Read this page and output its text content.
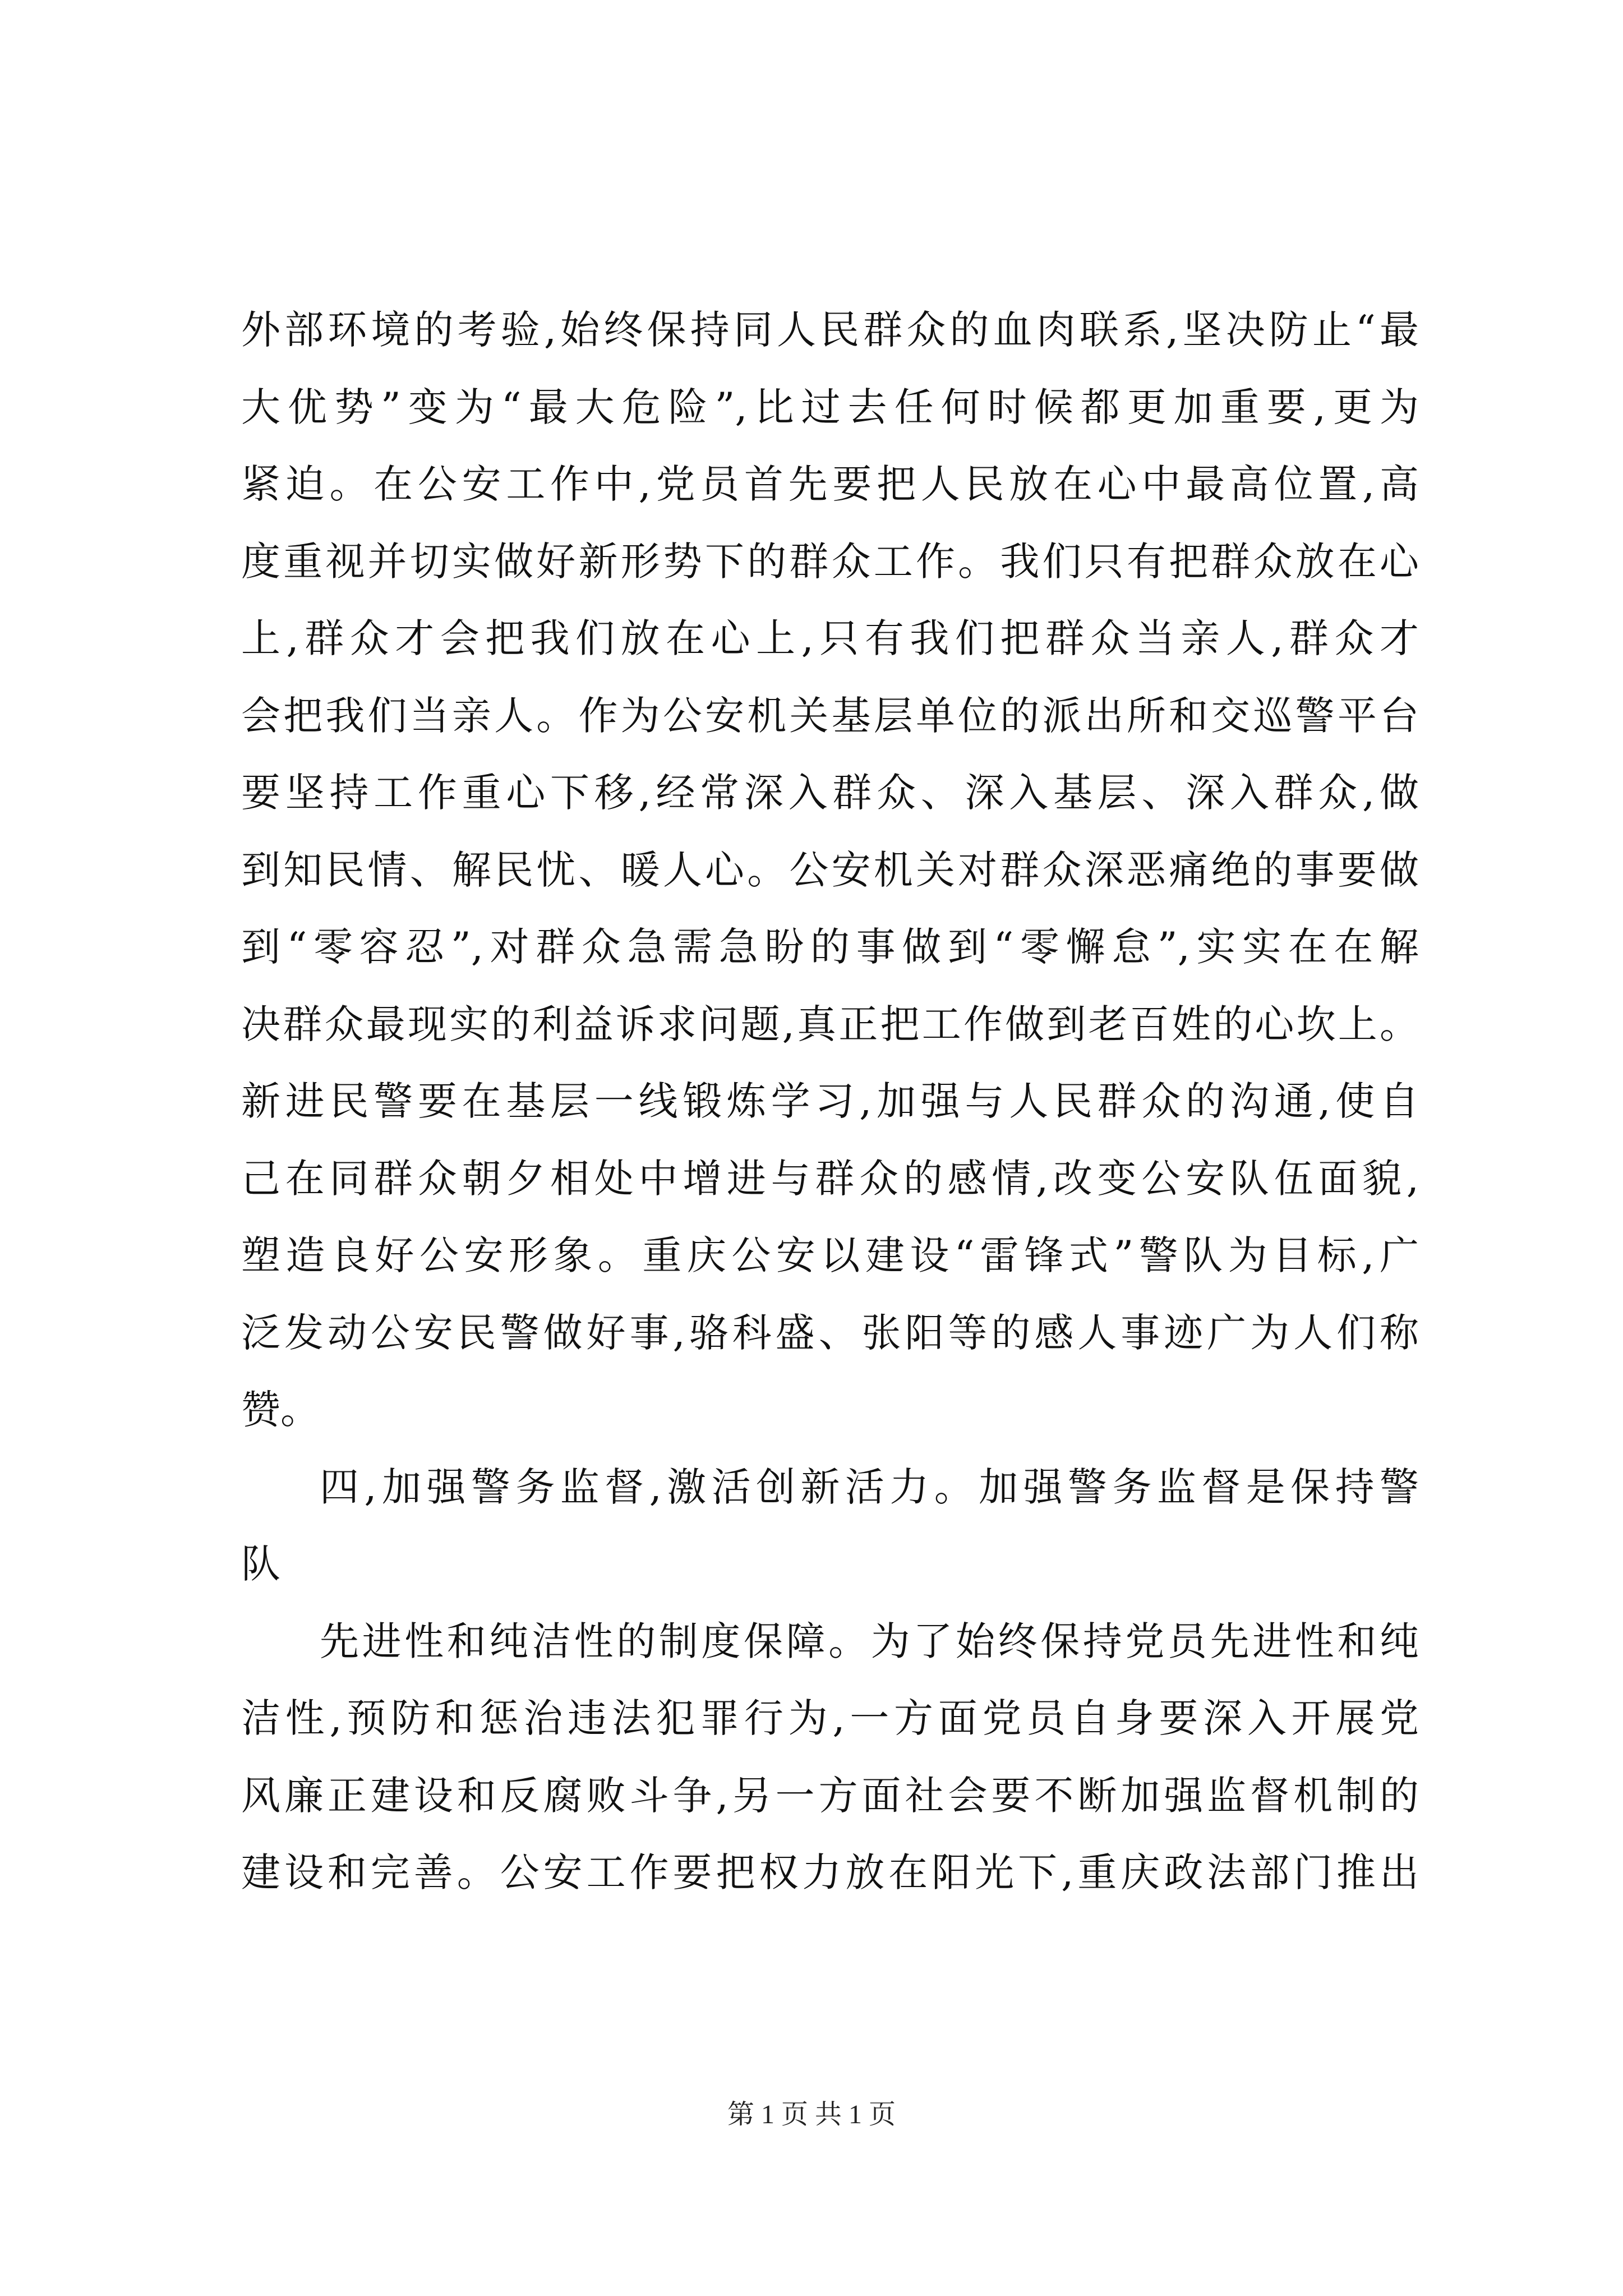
外部环境的考验,始终保持同人民群众的血肉联系,坚决防止“最
大优势”变为“最大危险”,比过去任何时候都更加重要,更为
紧迫。在公安工作中,党员首先要把人民放在心中最高位置,高
度重视并切实做好新形势下的群众工作。我们只有把群众放在心
上,群众才会把我们放在心上,只有我们把群众当亲人,群众才
会把我们当亲人。作为公安机关基层单位的派出所和交巡警平台
要坚持工作重心下移,经常深入群众、深入基层、深入群众,做
到知民情、解民忧、暖人心。公安机关对群众深恶痛绝的事要做
到“零容忍”,对群众急需急盼的事做到“零懈怠”,实实在在解
决群众最现实的利益诉求问题,真正把工作做到老百姓的心坎上。
新进民警要在基层一线锻炼学习,加强与人民群众的沟通,使自
己在同群众朝夕相处中增进与群众的感情,改变公安队伍面貌,
塑造良好公安形象。重庆公安以建设“雷锋式”警队为目标,广
泛发动公安民警做好事,骆科盛、张阳等的感人事迹广为人们称
赞。
四,加强警务监督,激活创新活力。加强警务监督是保持警
队
先进性和纯洁性的制度保障。为了始终保持党员先进性和纯
洁性,预防和惩治违法犯罪行为,一方面党员自身要深入开展党
风廉正建设和反腐败斗争,另一方面社会要不断加强监督机制的
建设和完善。公安工作要把权力放在阳光下,重庆政法部门推出
第 1 页 共 1 页
